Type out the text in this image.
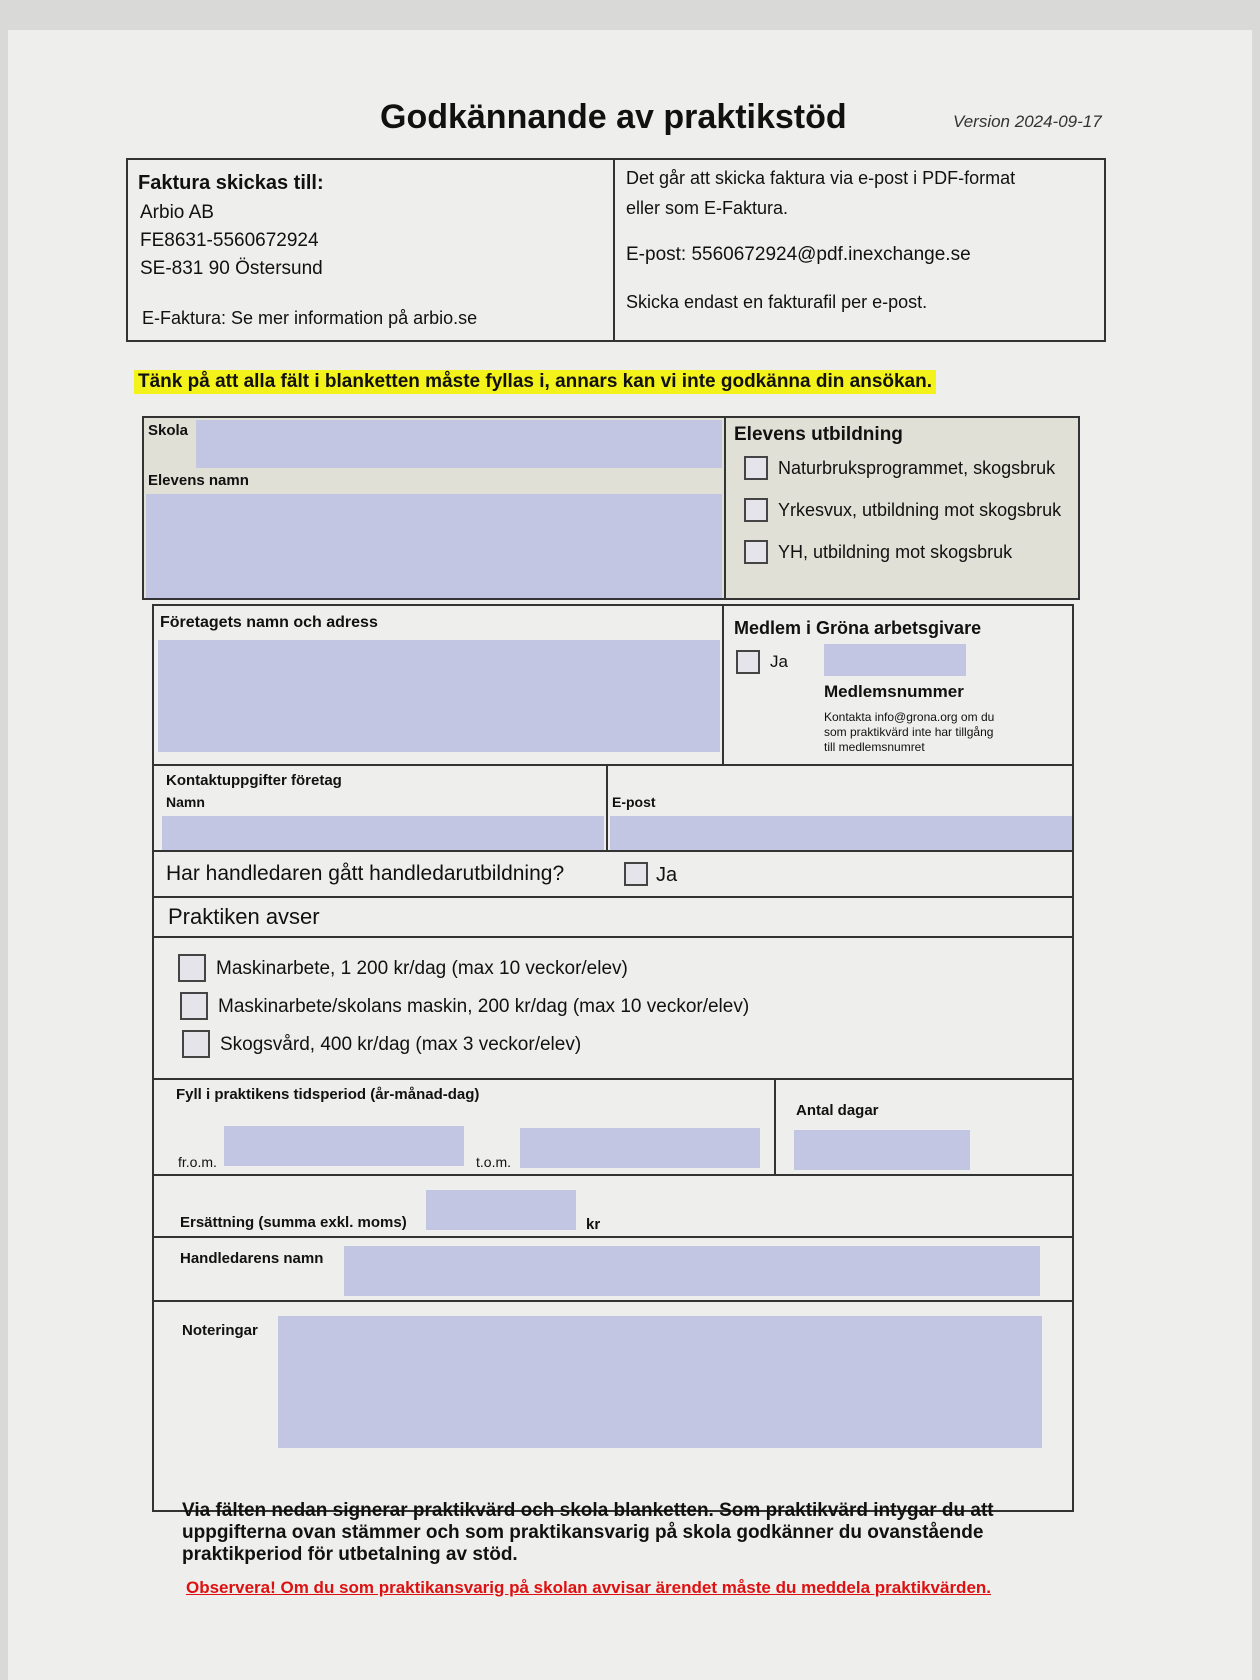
Godkännande av praktikstöd	Version 2024-09-17
Faktura skickas till:
Arbio AB
FE8631-5560672924
SE-831 90 Östersund
E-Faktura: Se mer information på arbio.se
Det går att skicka faktura via e-post i PDF-format
eller som E-Faktura.
E-post: 5560672924@pdf.inexchange.se
Skicka endast en fakturafil per e-post.
Tänk på att alla fält i blanketten måste fyllas i, annars kan vi inte godkänna din ansökan.
Skola
Elevens namn
Elevens utbildning
Naturbruksprogrammet, skogsbruk
Yrkesvux, utbildning mot skogsbruk
YH, utbildning mot skogsbruk
Företagets namn och adress	Medlem i Gröna arbetsgivare
Ja
Medlemsnummer
Kontakta info@grona.org om du
som praktikvärd inte har tillgång
till medlemsnumret
Kontaktuppgifter företag
Namn	E-post
Har handledaren gått handledarutbildning?	Ja
Praktiken avser
Maskinarbete, 1 200 kr/dag (max 10 veckor/elev)
Maskinarbete/skolans maskin, 200 kr/dag (max 10 veckor/elev)
Skogsvård, 400 kr/dag (max 3 veckor/elev)
Fyll i praktikens tidsperiod (år-månad-dag)
fr.o.m.	t.o.m.
Antal dagar
Ersättning (summa exkl. moms)	kr
Handledarens namn
Noteringar
Via fälten nedan signerar praktikvärd och skola blanketten. Som praktikvärd intygar du att
uppgifterna ovan stämmer och som praktikansvarig på skola godkänner du ovanstående
praktikperiod för utbetalning av stöd.
Observera! Om du som praktikansvarig på skolan avvisar ärendet måste du meddela praktikvärden.
